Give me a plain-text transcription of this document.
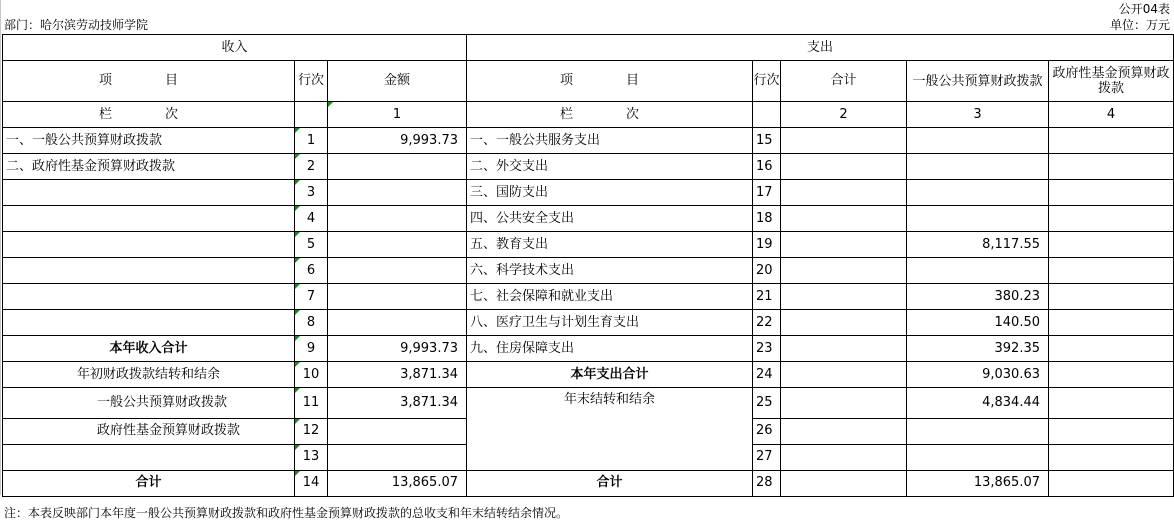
公开04表
部门：哈尔滨劳动技师学院	单位：万元
收入			支出				
项　目	行次	金额	项　目	行次	合计	一般公共预算财政拨款	政府性基金预算财政拨款
栏　次		1	栏　次		2	3	4
一、一般公共预算财政拨款	1	9,993.73	一、一般公共服务支出	15			
二、政府性基金预算财政拨款	2		二、外交支出	16			
	3		三、国防支出	17			
	4		四、公共安全支出	18			
	5		五、教育支出	19		8,117.55	
	6		六、科学技术支出	20			
	7		七、社会保障和就业支出	21		380.23	
	8		八、医疗卫生与计划生育支出	22		140.50	
本年收入合计	9	9,993.73	九、住房保障支出	23		392.35	
年初财政拨款结转和结余	10	3,871.34	本年支出合计	24		9,030.63	
一般公共预算财政拨款	11	3,871.34	年末结转和结余	25		4,834.44	
政府性基金预算财政拨款	12			26			
	13			27			
合计	14	13,865.07	合计	28		13,865.07	
注：本表反映部门本年度一般公共预算财政拨款和政府性基金预算财政拨款的总收支和年末结转结余情况。
